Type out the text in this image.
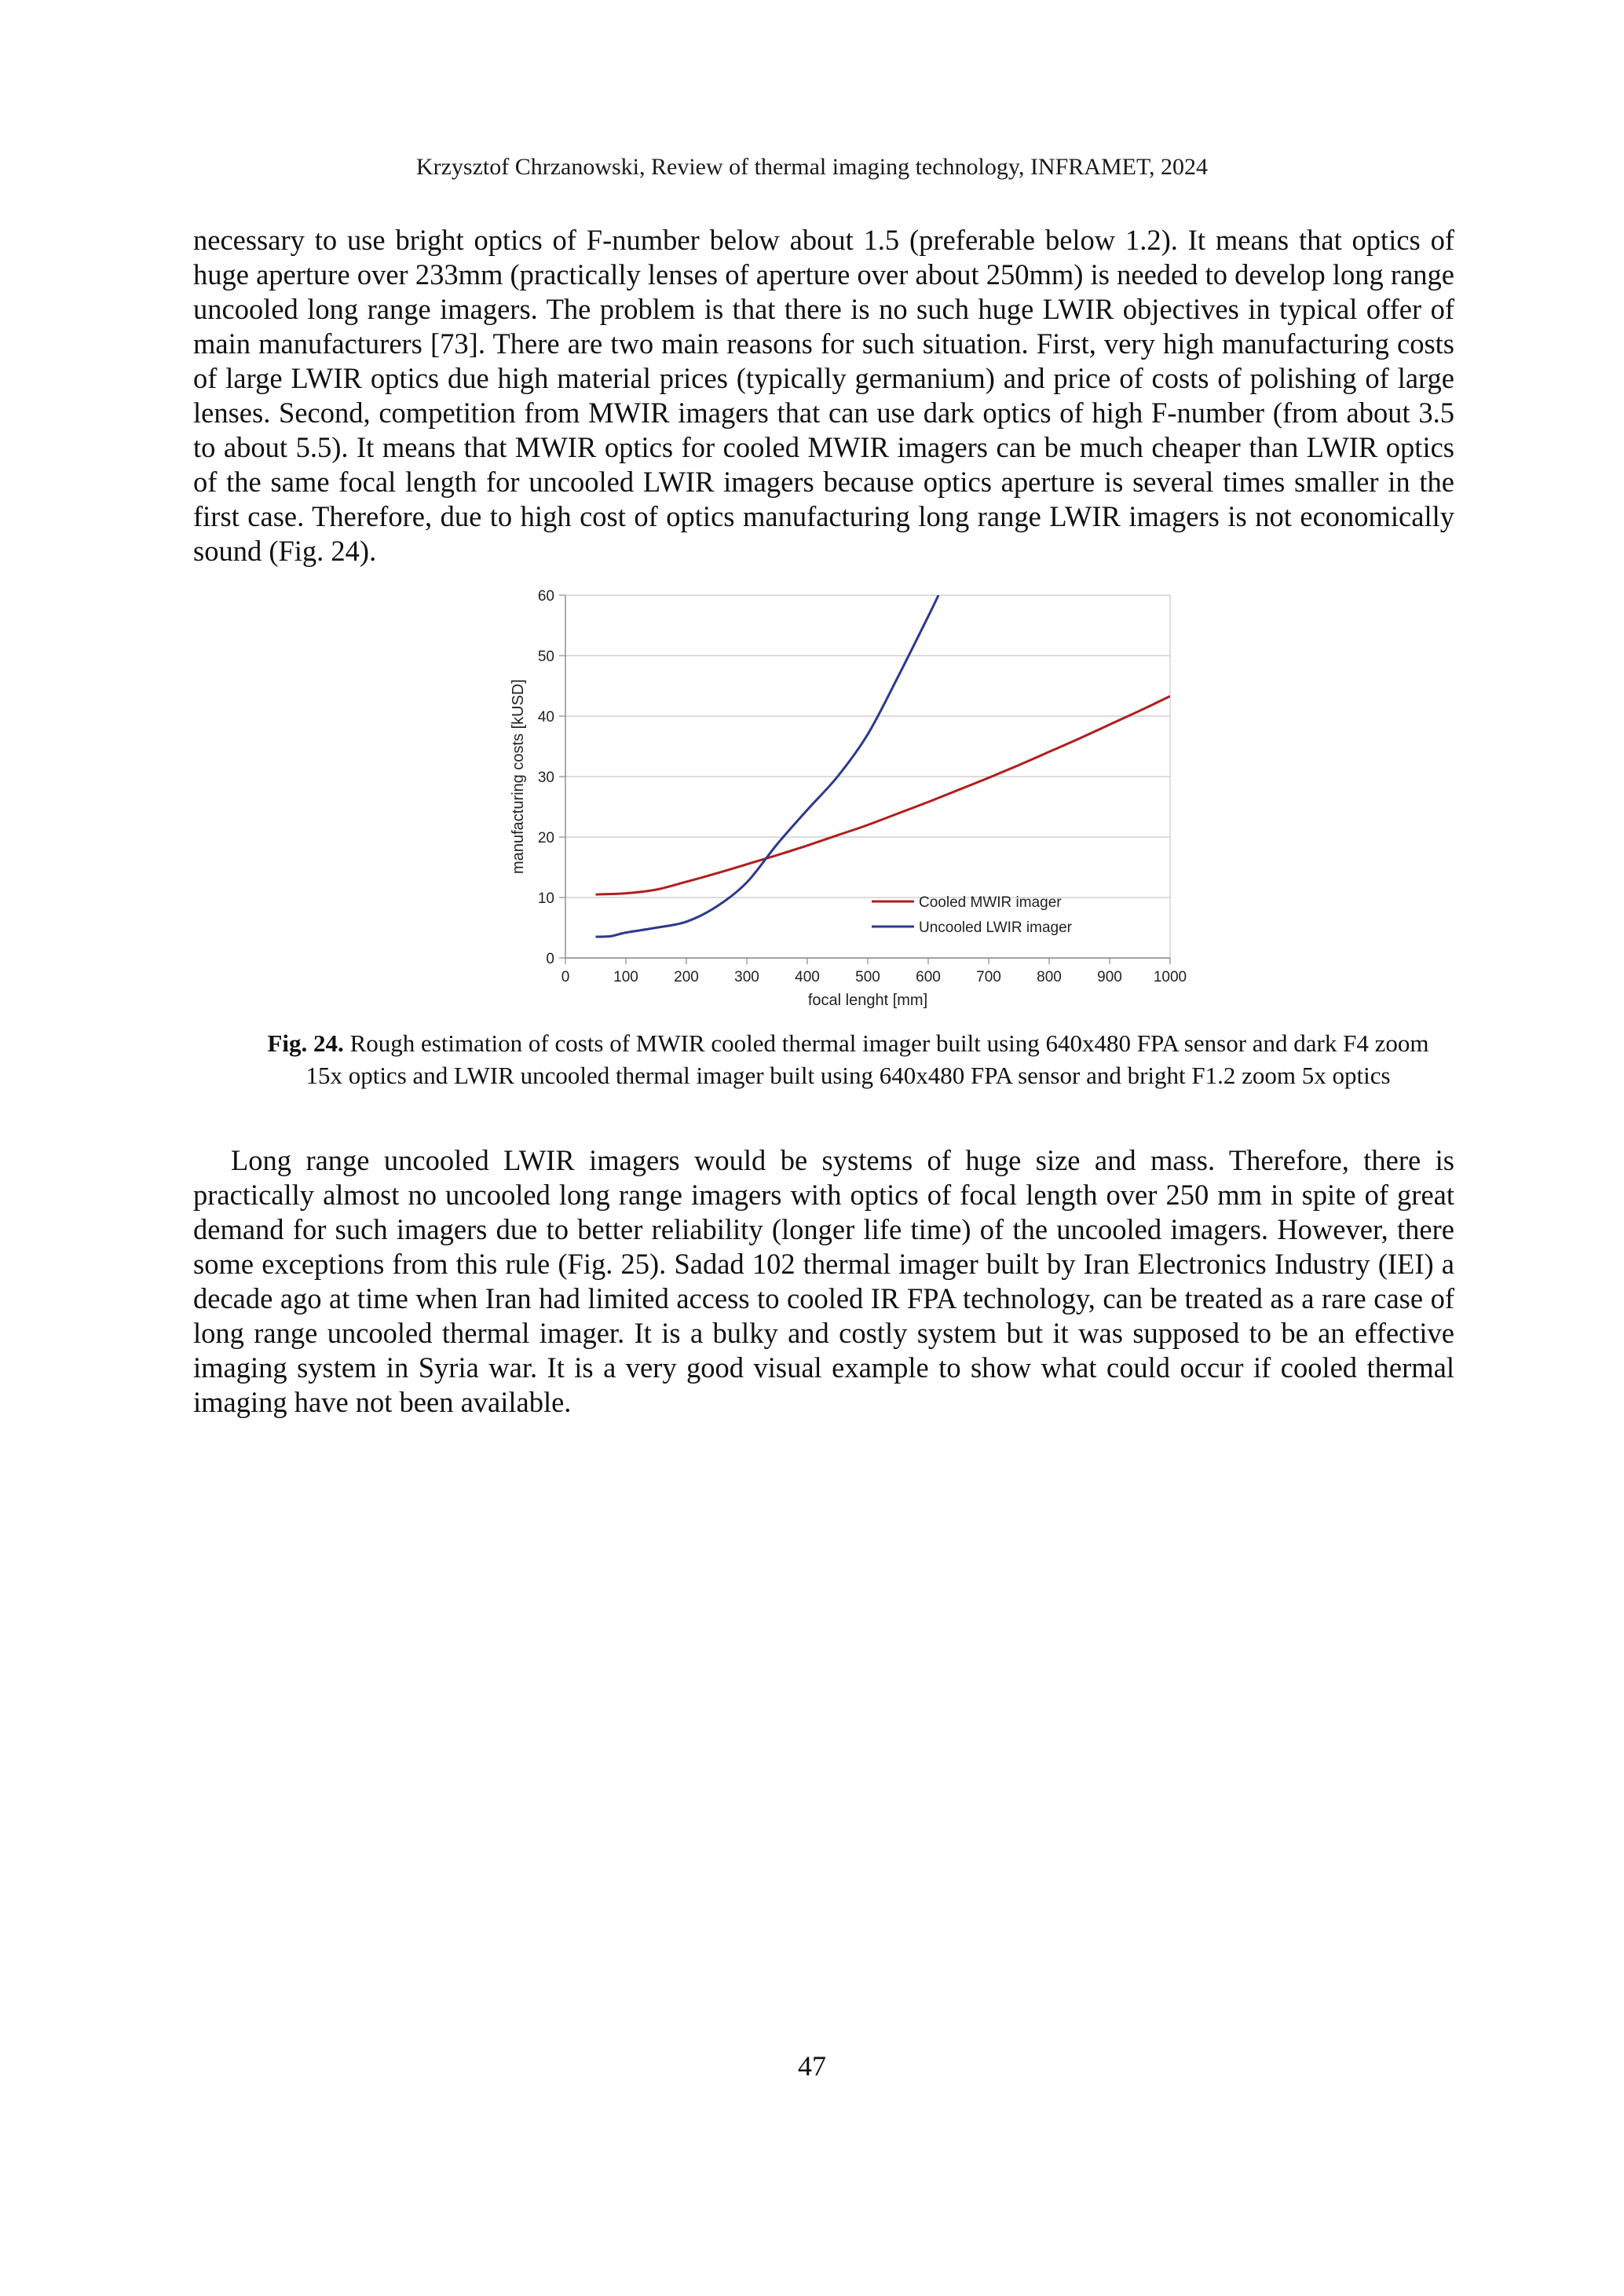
Krzysztof Chrzanowski, Review of thermal imaging technology, INFRAMET, 2024

necessary to use bright optics of F-number below about 1.5 (preferable below 1.2). It means that optics of huge aperture over 233mm (practically lenses of aperture over about 250mm) is needed to develop long range uncooled long range imagers. The problem is that there is no such huge LWIR objectives in typical offer of main manufacturers [73]. There are two main reasons for such situation. First, very high manufacturing costs of large LWIR optics due high material prices (typically germanium) and price of costs of polishing of large lenses. Second, competition from MWIR imagers that can use dark optics of high F-number (from about 3.5 to about 5.5). It means that MWIR optics for cooled MWIR imagers can be much cheaper than LWIR optics of the same focal length for uncooled LWIR imagers because optics aperture is several times smaller in the first case. Therefore, due to high cost of optics manufacturing long range LWIR imagers is not economically sound (Fig. 24).

0
10
20
30
40
50
60
0	100 200 300 400 500 600 700 800 900 1000
Cooled MWIR imager
Uncooled LWIR imager
focal lenght [mm]
manufacturing costs [kUSD]
Fig. 24. Rough estimation of costs of MWIR cooled thermal imager built using 640x480 FPA sensor and dark F4 zoom 15x optics and LWIR uncooled thermal imager built using 640x480 FPA sensor and bright F1.2 zoom 5x optics

Long range uncooled LWIR imagers would be systems of huge size and mass. Therefore, there is practically almost no uncooled long range imagers with optics of focal length over 250 mm in spite of great demand for such imagers due to better reliability (longer life time) of the uncooled imagers. However, there some exceptions from this rule (Fig. 25). Sadad 102 thermal imager built by Iran Electronics Industry (IEI) a decade ago at time when Iran had limited access to cooled IR FPA technology, can be treated as a rare case of long range uncooled thermal imager. It is a bulky and costly system but it was supposed to be an effective imaging system in Syria war. It is a very good visual example to show what could occur if cooled thermal imaging have not been available.

47
